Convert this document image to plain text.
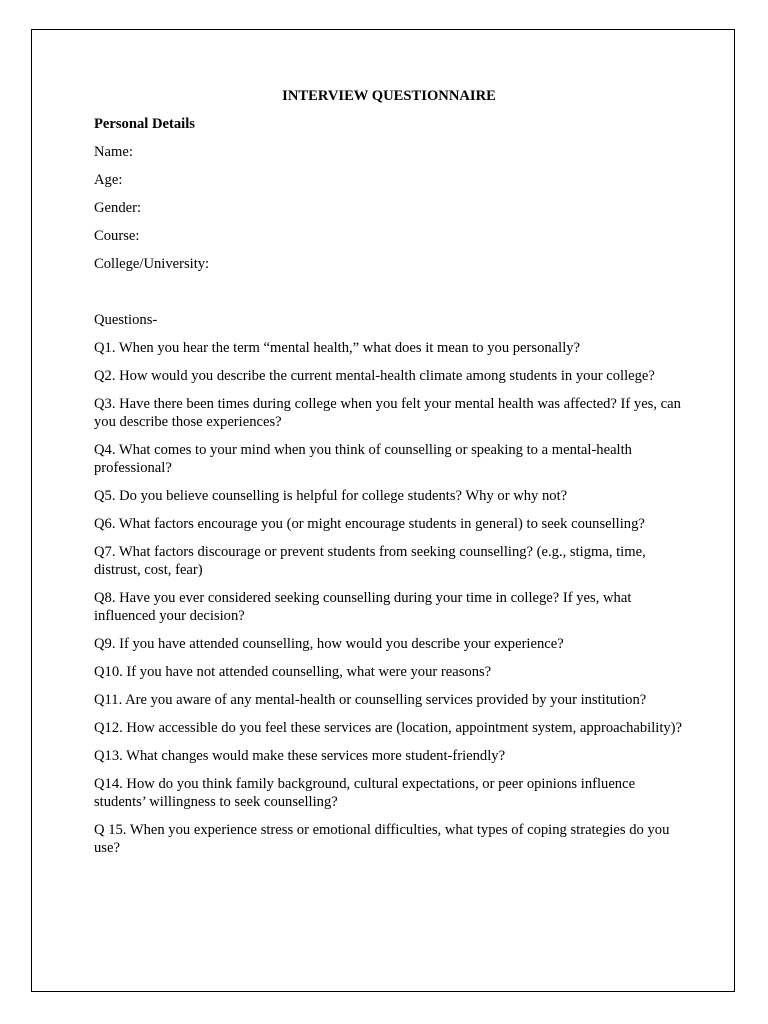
INTERVIEW QUESTIONNAIRE
Personal Details
Name:
Age:
Gender:
Course:
College/University:
Questions-
Q1. When you hear the term “mental health,” what does it mean to you personally?
Q2. How would you describe the current mental-health climate among students in your college?
Q3. Have there been times during college when you felt your mental health was affected? If yes, can you describe those experiences?
Q4. What comes to your mind when you think of counselling or speaking to a mental-health professional?
Q5. Do you believe counselling is helpful for college students? Why or why not?
Q6. What factors encourage you (or might encourage students in general) to seek counselling?
Q7. What factors discourage or prevent students from seeking counselling? (e.g., stigma, time, distrust, cost, fear)
Q8. Have you ever considered seeking counselling during your time in college? If yes, what influenced your decision?
Q9. If you have attended counselling, how would you describe your experience?
Q10. If you have not attended counselling, what were your reasons?
Q11. Are you aware of any mental-health or counselling services provided by your institution?
Q12. How accessible do you feel these services are (location, appointment system, approachability)?
Q13. What changes would make these services more student-friendly?
Q14. How do you think family background, cultural expectations, or peer opinions influence students’ willingness to seek counselling?
Q 15. When you experience stress or emotional difficulties, what types of coping strategies do you use?
